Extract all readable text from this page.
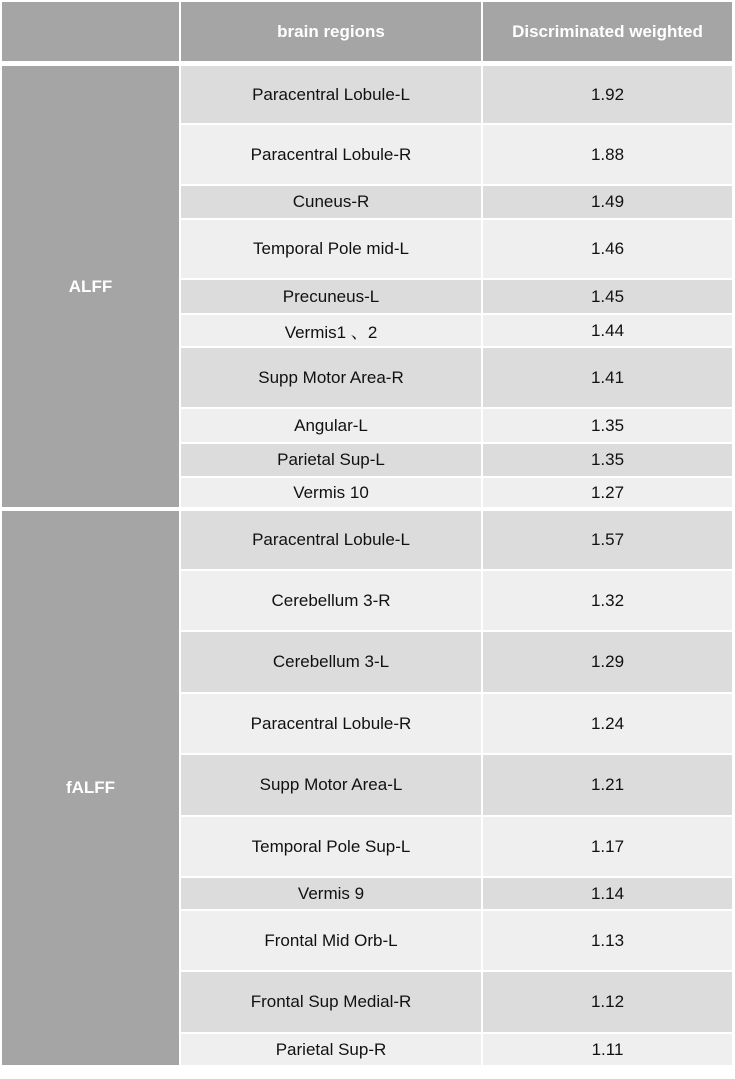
brain regions	Discriminated weighted
ALFF
Paracentral Lobule-L	1.92
Paracentral Lobule-R	1.88
Cuneus-R	1.49
Temporal Pole mid-L	1.46
Precuneus-L	1.45
Vermis1 、2	1.44
Supp Motor Area-R	1.41
Angular-L	1.35
Parietal Sup-L	1.35
Vermis 10	1.27
fALFF
Paracentral Lobule-L	1.57
Cerebellum 3-R	1.32
Cerebellum 3-L	1.29
Paracentral Lobule-R	1.24
Supp Motor Area-L	1.21
Temporal Pole Sup-L	1.17
Vermis 9	1.14
Frontal Mid Orb-L	1.13
Frontal Sup Medial-R	1.12
Parietal Sup-R	1.11
